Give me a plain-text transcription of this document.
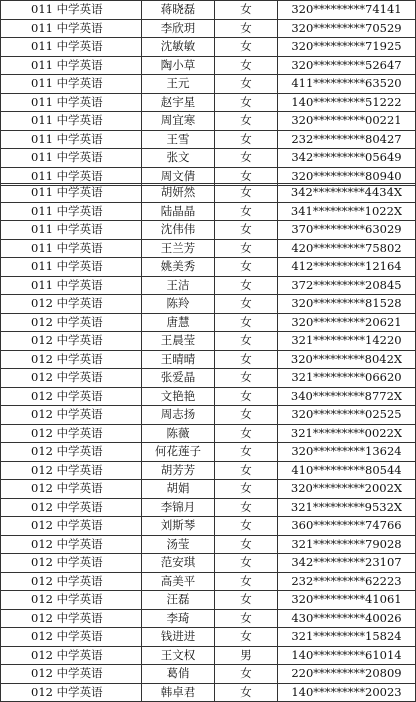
011 中学英语	蒋晓磊	女	320*********74141
011 中学英语	李欣玥	女	320*********70529
011 中学英语	沈敏敏	女	320*********71925
011 中学英语	陶小草	女	320*********52647
011 中学英语	王元	女	411*********63520
011 中学英语	赵宇星	女	140*********51222
011 中学英语	周宜寒	女	320*********00221
011 中学英语	王雪	女	232*********80427
011 中学英语	张文	女	342*********05649
011 中学英语	周文倩	女	320*********80940
011 中学英语	胡妍然	女	342*********4434X
011 中学英语	陆晶晶	女	341*********1022X
011 中学英语	沈伟伟	女	370*********63029
011 中学英语	王兰芳	女	420*********75802
011 中学英语	姚美秀	女	412*********12164
011 中学英语	王洁	女	372*********20845
012 中学英语	陈羚	女	320*********81528
012 中学英语	唐慧	女	320*********20621
012 中学英语	王晨莹	女	321*********14220
012 中学英语	王晴晴	女	320*********8042X
012 中学英语	张爱晶	女	321*********06620
012 中学英语	文艳艳	女	340*********8772X
012 中学英语	周志扬	女	320*********02525
012 中学英语	陈薇	女	321*********0022X
012 中学英语	何花莲子	女	320*********13624
012 中学英语	胡芳芳	女	410*********80544
012 中学英语	胡娟	女	320*********2002X
012 中学英语	李锦月	女	321*********9532X
012 中学英语	刘斯琴	女	360*********74766
012 中学英语	汤莹	女	321*********79028
012 中学英语	范安琪	女	342*********23107
012 中学英语	高美平	女	232*********62223
012 中学英语	汪磊	女	320*********41061
012 中学英语	李琦	女	430*********40026
012 中学英语	钱进进	女	321*********15824
012 中学英语	王文权	男	140*********61014
012 中学英语	葛俏	女	220*********20809
012 中学英语	韩卓君	女	140*********20023
